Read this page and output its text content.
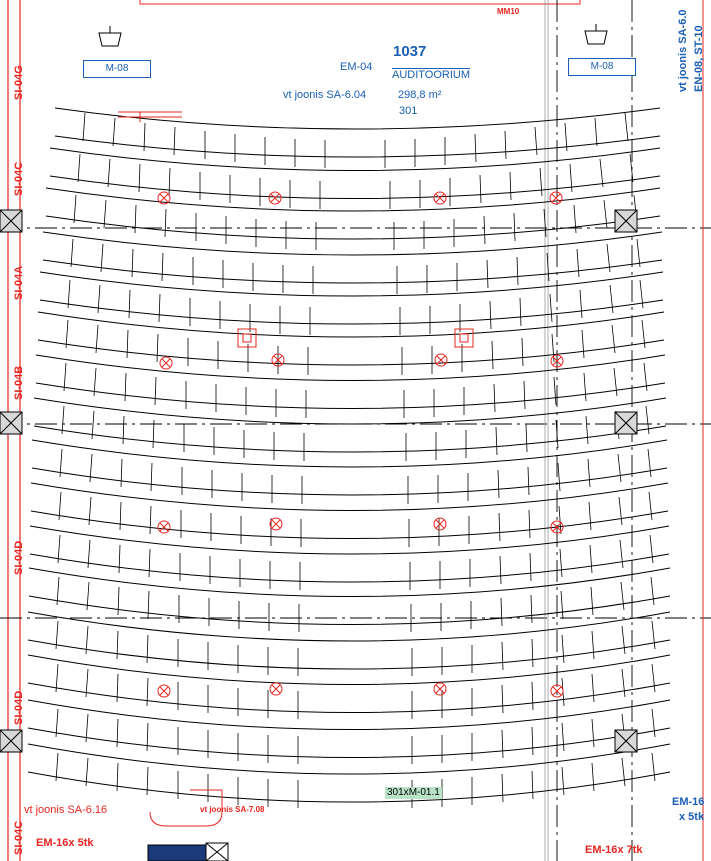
1037
AUDITOORIUM
vt joonis SA-6.04	298,8 m²
301
M-08	M-08
EM-04
MM10
vt joonis SA-6.16	vt joonis SA-7.08
EM-16x 5tk
EM-16x 7tk
EM-16
x 5tk
301xM-01.1
SI-04G
SI-04C
SI-04A
SI-04B
SI-04D
SI-04D
SI-04C
vt joonis SA-6.0 EN-08, ST-10
